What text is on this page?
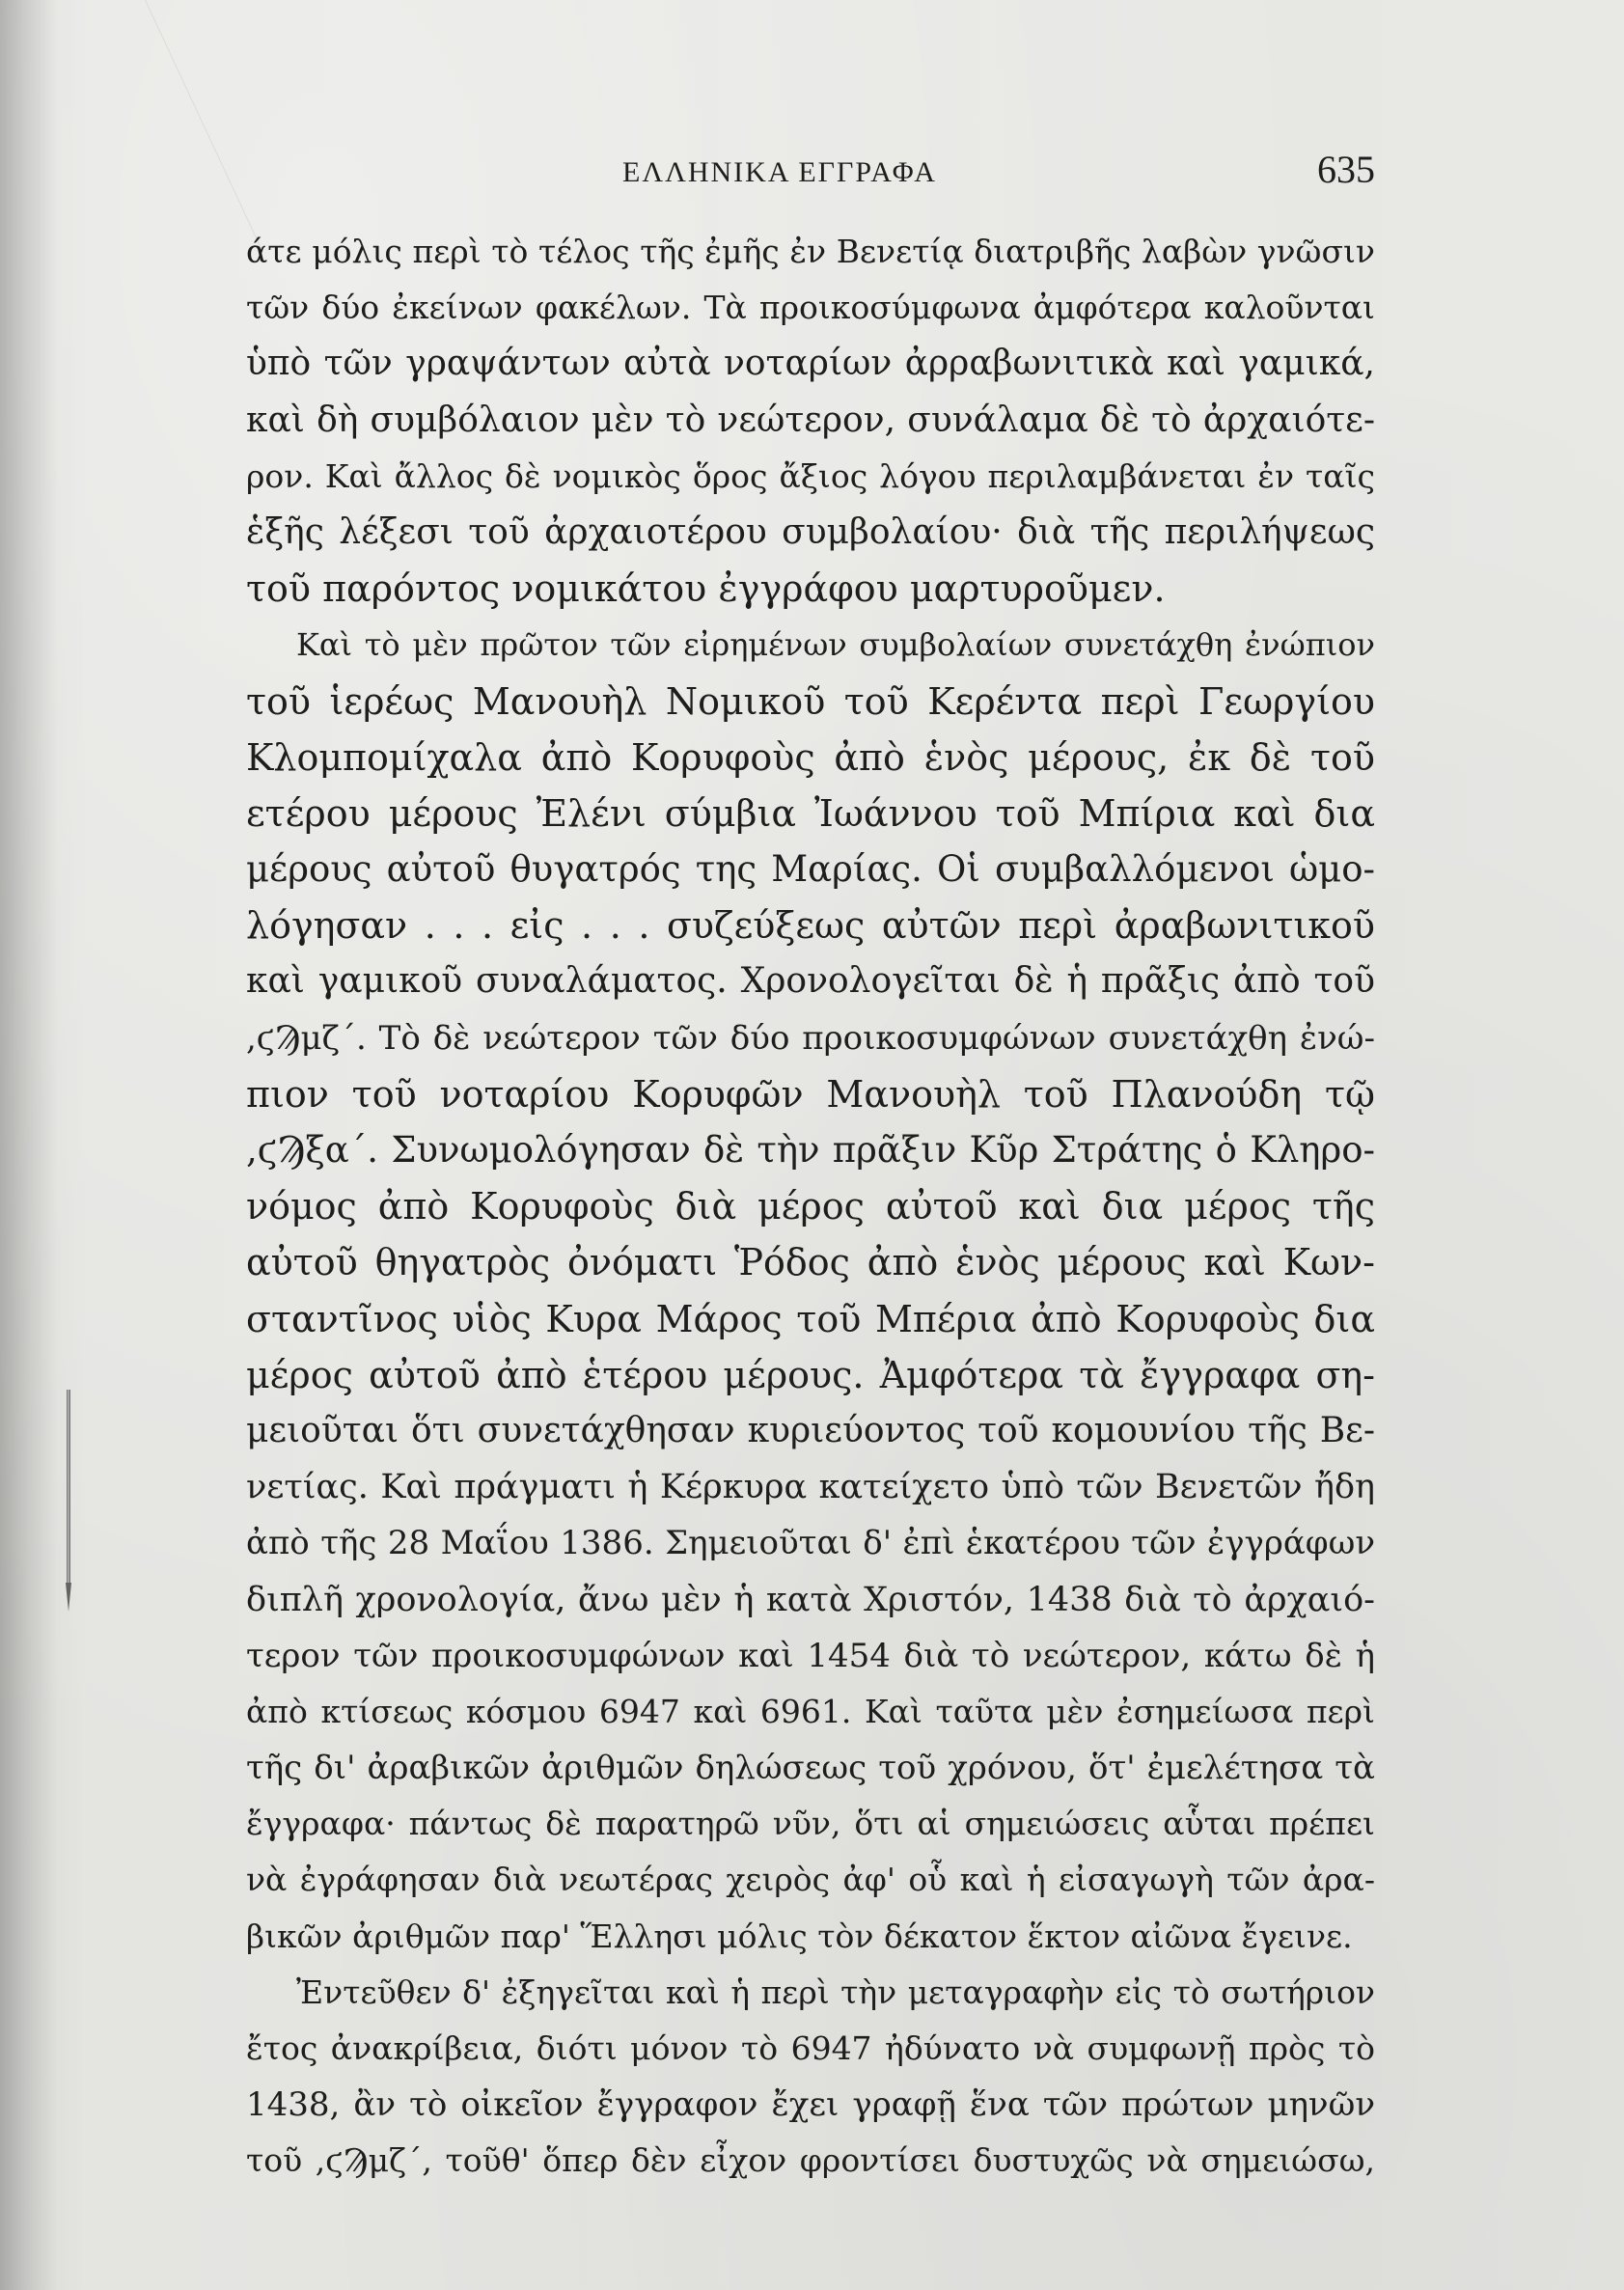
ΕΛΛΗΝΙΚΑ ΕΓΓΡΑΦΑ	635
άτε μόλις περὶ τὸ τέλος τῆς ἐμῆς ἐν Βενετίᾳ διατριβῆς λαβὼν γνῶσιν
τῶν δύο ἐκείνων φακέλων. Τὰ προικοσύμφωνα ἀμφότερα καλοῦνται
ὑπὸ τῶν γραψάντων αὐτὰ νοταρίων ἀρραβωνιτικὰ καὶ γαμικά,
καὶ δὴ συμβόλαιον μὲν τὸ νεώτερον, συνάλαμα δὲ τὸ ἀρχαιότε-
ρον. Καὶ ἄλλος δὲ νομικὸς ὅρος ἄξιος λόγου περιλαμβάνεται ἐν ταῖς
ἑξῆς λέξεσι τοῦ ἀρχαιοτέρου συμβολαίου· διὰ τῆς περιλήψεως
τοῦ παρόντος νομικάτου ἐγγράφου μαρτυροῦμεν.
Καὶ τὸ μὲν πρῶτον τῶν εἰρημένων συμβολαίων συνετάχθη ἐνώπιον
τοῦ ἱερέως Μανουὴλ Νομικοῦ τοῦ Κερέντα περὶ Γεωργίου
Κλομπομίχαλα ἀπὸ Κορυφοὺς ἀπὸ ἑνὸς μέρους, ἐκ δὲ τοῦ
ετέρου μέρους Ἐλένι σύμβια Ἰωάννου τοῦ Μπίρια καὶ δια
μέρους αὐτοῦ θυγατρός της Μαρίας. Οἱ συμβαλλόμενοι ὡμο-
λόγησαν . . . εἰς . . . συζεύξεως αὐτῶν περὶ ἀραβωνιτικοῦ
καὶ γαμικοῦ συναλάματος. Χρονολογεῖται δὲ ἡ πρᾶξις ἀπὸ τοῦ
,ϛϠμζ΄. Τὸ δὲ νεώτερον τῶν δύο προικοσυμφώνων συνετάχθη ἐνώ-
πιον τοῦ νοταρίου Κορυφῶν Μανουὴλ τοῦ Πλανούδη τῷ
,ϛϠξα΄. Συνωμολόγησαν δὲ τὴν πρᾶξιν Κῦρ Στράτης ὁ Κληρο-
νόμος ἀπὸ Κορυφοὺς διὰ μέρος αὐτοῦ καὶ δια μέρος τῆς
αὐτοῦ θηγατρὸς ὀνόματι Ῥόδος ἀπὸ ἑνὸς μέρους καὶ Κων-
σταντῖνος υἱὸς Κυρα Μάρος τοῦ Μπέρια ἀπὸ Κορυφοὺς δια
μέρος αὐτοῦ ἀπὸ ἑτέρου μέρους. Ἀμφότερα τὰ ἔγγραφα ση-
μειοῦται ὅτι συνετάχθησαν κυριεύοντος τοῦ κομουνίου τῆς Βε-
νετίας. Καὶ πράγματι ἡ Κέρκυρα κατείχετο ὑπὸ τῶν Βενετῶν ἤδη
ἀπὸ τῆς 28 Μαΐου 1386. Σημειοῦται δ' ἐπὶ ἑκατέρου τῶν ἐγγράφων
διπλῆ χρονολογία, ἄνω μὲν ἡ κατὰ Χριστόν, 1438 διὰ τὸ ἀρχαιό-
τερον τῶν προικοσυμφώνων καὶ 1454 διὰ τὸ νεώτερον, κάτω δὲ ἡ
ἀπὸ κτίσεως κόσμου 6947 καὶ 6961. Καὶ ταῦτα μὲν ἐσημείωσα περὶ
τῆς δι' ἀραβικῶν ἀριθμῶν δηλώσεως τοῦ χρόνου, ὅτ' ἐμελέτησα τὰ
ἔγγραφα· πάντως δὲ παρατηρῶ νῦν, ὅτι αἱ σημειώσεις αὗται πρέπει
νὰ ἐγράφησαν διὰ νεωτέρας χειρὸς ἀφ' οὗ καὶ ἡ εἰσαγωγὴ τῶν ἀρα-
βικῶν ἀριθμῶν παρ' Ἕλλησι μόλις τὸν δέκατον ἕκτον αἰῶνα ἔγεινε.
Ἐντεῦθεν δ' ἐξηγεῖται καὶ ἡ περὶ τὴν μεταγραφὴν εἰς τὸ σωτήριον
ἔτος ἀνακρίβεια, διότι μόνον τὸ 6947 ἠδύνατο νὰ συμφωνῇ πρὸς τὸ
1438, ἂν τὸ οἰκεῖον ἔγγραφον ἔχει γραφῇ ἕνα τῶν πρώτων μηνῶν
τοῦ ,ϛϠμζ΄, τοῦθ' ὅπερ δὲν εἶχον φροντίσει δυστυχῶς νὰ σημειώσω,
